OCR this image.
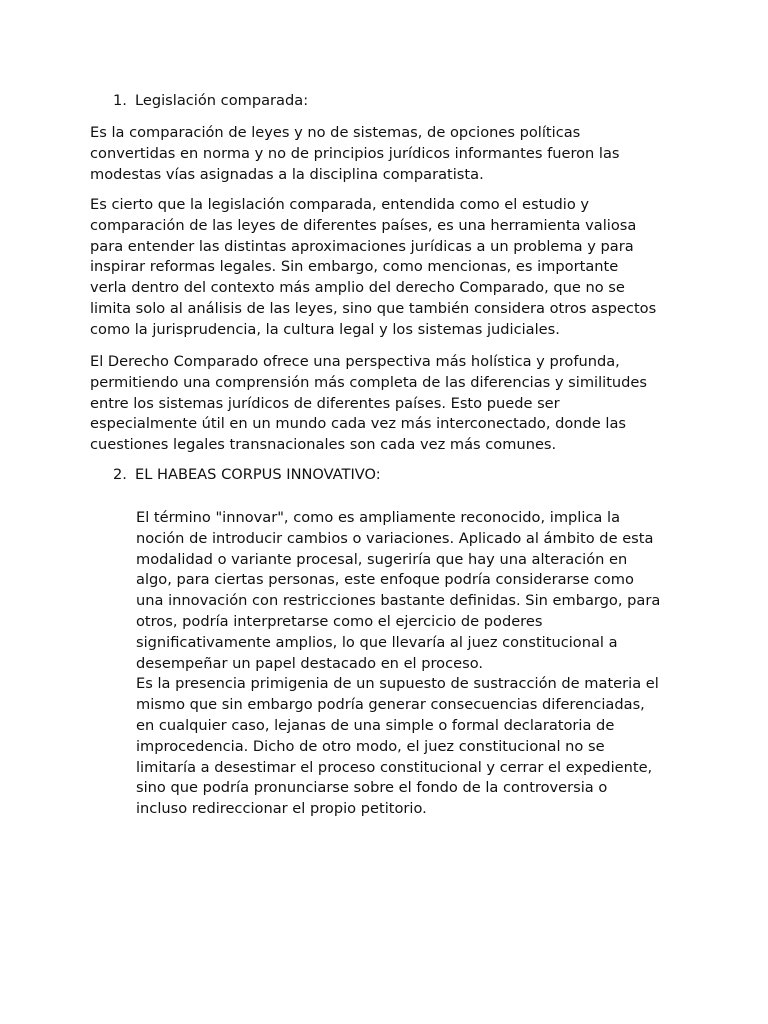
1. Legislación comparada:
Es la comparación de leyes y no de sistemas, de opciones políticas
convertidas en norma y no de principios jurídicos informantes fueron las
modestas vías asignadas a la disciplina comparatista.
Es cierto que la legislación comparada, entendida como el estudio y
comparación de las leyes de diferentes países, es una herramienta valiosa
para entender las distintas aproximaciones jurídicas a un problema y para
inspirar reformas legales. Sin embargo, como mencionas, es importante
verla dentro del contexto más amplio del derecho Comparado, que no se
limita solo al análisis de las leyes, sino que también considera otros aspectos
como la jurisprudencia, la cultura legal y los sistemas judiciales.
El Derecho Comparado ofrece una perspectiva más holística y profunda,
permitiendo una comprensión más completa de las diferencias y similitudes
entre los sistemas jurídicos de diferentes países. Esto puede ser
especialmente útil en un mundo cada vez más interconectado, donde las
cuestiones legales transnacionales son cada vez más comunes.
2. EL HABEAS CORPUS INNOVATIVO:
El término "innovar", como es ampliamente reconocido, implica la
noción de introducir cambios o variaciones. Aplicado al ámbito de esta
modalidad o variante procesal, sugeriría que hay una alteración en
algo, para ciertas personas, este enfoque podría considerarse como
una innovación con restricciones bastante definidas. Sin embargo, para
otros, podría interpretarse como el ejercicio de poderes
significativamente amplios, lo que llevaría al juez constitucional a
desempeñar un papel destacado en el proceso.
Es la presencia primigenia de un supuesto de sustracción de materia el
mismo que sin embargo podría generar consecuencias diferenciadas,
en cualquier caso, lejanas de una simple o formal declaratoria de
improcedencia. Dicho de otro modo, el juez constitucional no se
limitaría a desestimar el proceso constitucional y cerrar el expediente,
sino que podría pronunciarse sobre el fondo de la controversia o
incluso redireccionar el propio petitorio.
